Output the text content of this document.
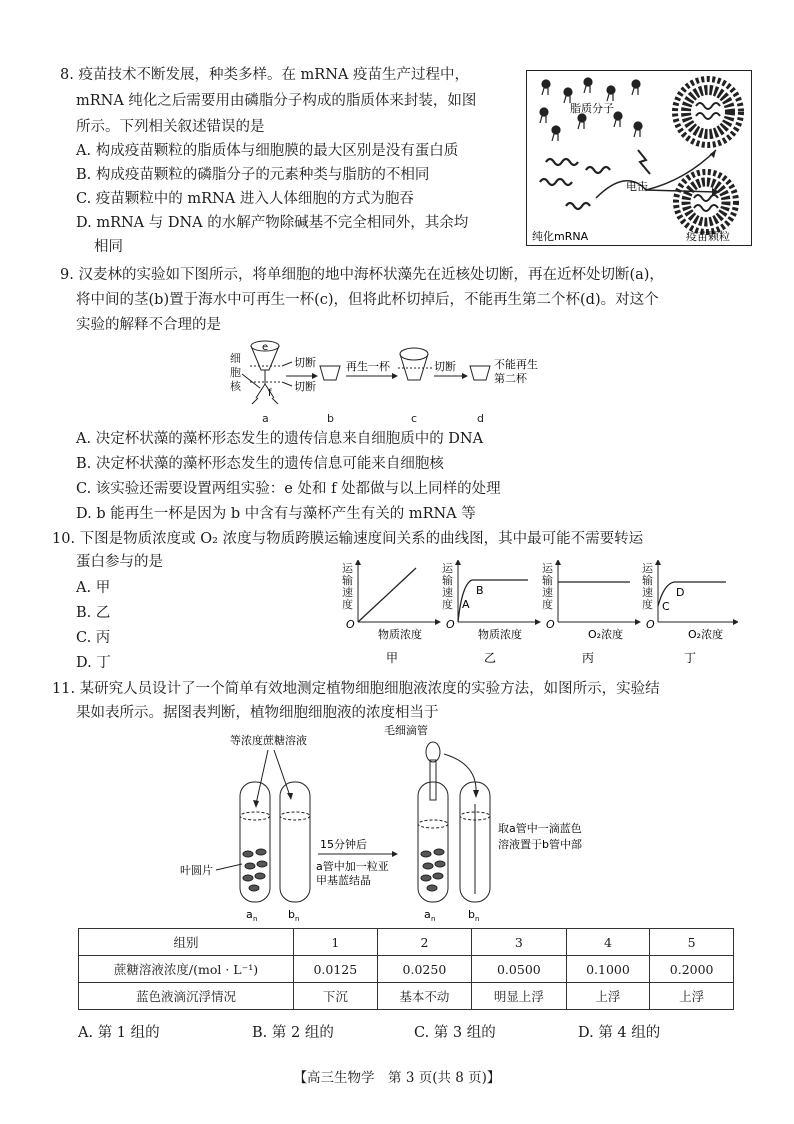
8. 疫苗技术不断发展，种类多样。在 mRNA 疫苗生产过程中，
mRNA 纯化之后需要用由磷脂分子构成的脂质体来封装，如图
所示。下列相关叙述错误的是
A. 构成疫苗颗粒的脂质体与细胞膜的最大区别是没有蛋白质
B. 构成疫苗颗粒的磷脂分子的元素种类与脂肪的不相同
C. 疫苗颗粒中的 mRNA 进入人体细胞的方式为胞吞
D. mRNA 与 DNA 的水解产物除碱基不完全相同外，其余均
相同
脂质分子
电击
纯化mRNA	疫苗颗粒
9. 汉麦林的实验如下图所示，将单细胞的地中海杯状藻先在近核处切断，再在近杯处切断(a)，
将中间的茎(b)置于海水中可再生一杯(c)，但将此杯切掉后，不能再生第二个杯(d)。对这个
实验的解释不合理的是
细
胞
核
e
f
切断
切断
再生一杯	切断	不能再生
第二杯
a	b	c	d
A. 决定杯状藻的藻杯形态发生的遗传信息来自细胞质中的 DNA
B. 决定杯状藻的藻杯形态发生的遗传信息可能来自细胞核
C. 该实验还需要设置两组实验：e 处和 f 处都做与以上同样的处理
D. b 能再生一杯是因为 b 中含有与藻杯产生有关的 mRNA 等
10. 下图是物质浓度或 O₂ 浓度与物质跨膜运输速度间关系的曲线图，其中最可能不需要转运
蛋白参与的是
A. 甲
B. 乙
C. 丙
D. 丁
运
输
速
度
O
物质浓度
甲
运
输
速
度 A
B
O
物质浓度
乙
运
输
速
度
O
O₂浓度
丙
运
输
速
度 C
D
O
O₂浓度
丁
11. 某研究人员设计了一个简单有效地测定植物细胞细胞液浓度的实验方法，如图所示，实验结
果如表所示。据图表判断，植物细胞细胞液的浓度相当于
等浓度蔗糖溶液
叶圆片
a n	b n
15分钟后
a管中加一粒亚
甲基蓝结晶
毛细滴管
a n	b n
取a管中一滴蓝色
溶液置于b管中部
组别	1	2	3	4	5
蔗糖溶液浓度/(mol · L⁻¹)	0.0125	0.0250	0.0500	0.1000	0.2000
蓝色液滴沉浮情况	下沉	基本不动	明显上浮	上浮	上浮
A. 第 1 组的	B. 第 2 组的	C. 第 3 组的	D. 第 4 组的
【高三生物学　第 3 页(共 8 页)】
